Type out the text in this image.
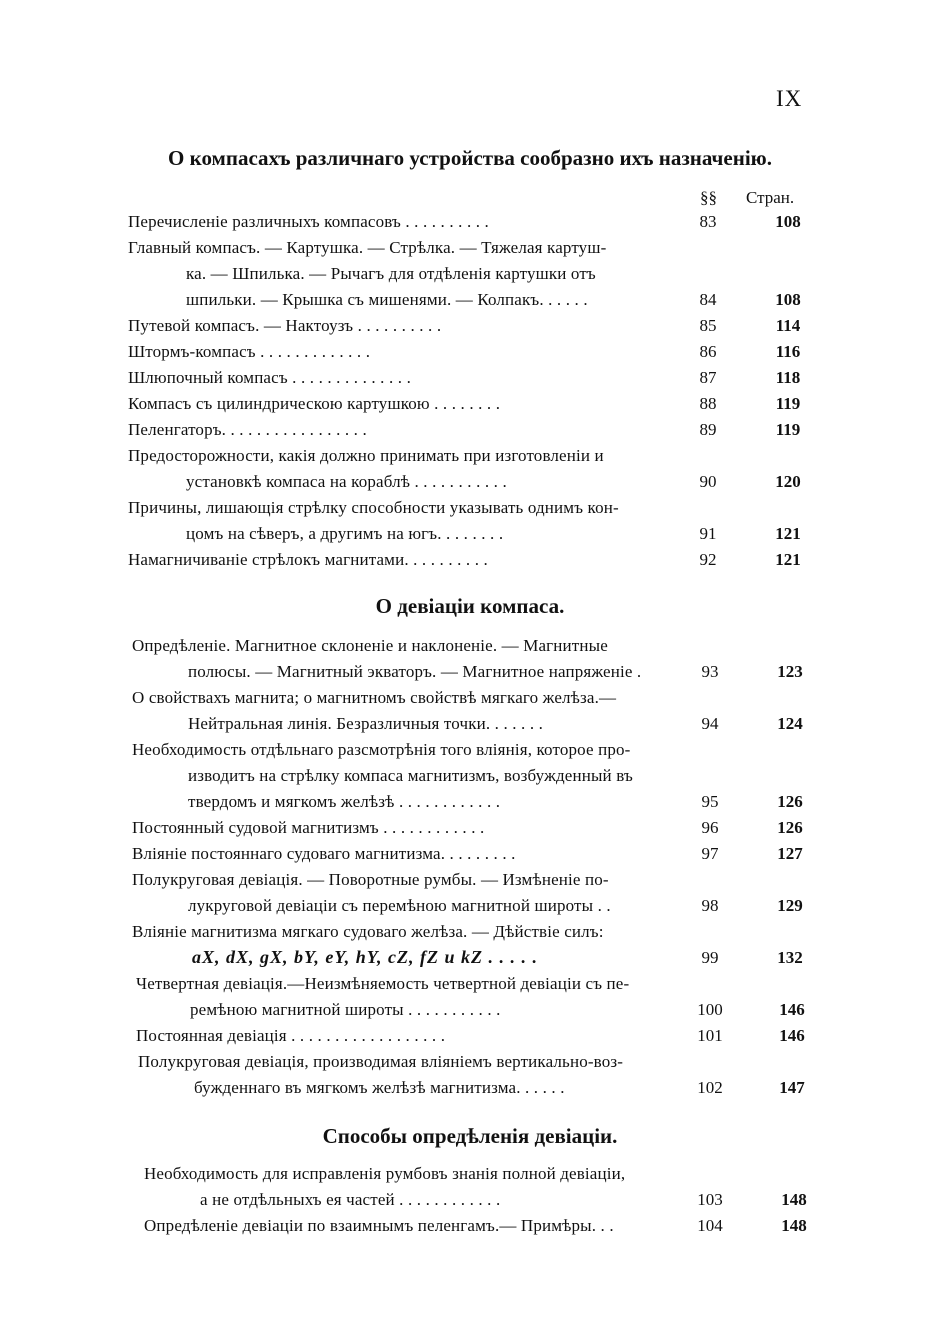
IX
О компасахъ различнаго устройства сообразно ихъ назначенію.
§§ Стран.
Перечисленіе различныхъ компасовъ . . . . . . . . . .	83	108
Главный компасъ. — Картушка. — Стрѣлка. — Тяжелая картуш-
ка. — Шпилька. — Рычагъ для отдѣленія картушки отъ
шпильки. — Крышка съ мишенями. — Колпакъ. . . . . .	84	108
Путевой компасъ. — Нактоузъ . . . . . . . . . .	85	114
Штормъ-компасъ . . . . . . . . . . . . .	86	116
Шлюпочный компасъ . . . . . . . . . . . . . .	87	118
Компасъ съ цилиндрическою картушкою . . . . . . . .	88	119
Пеленгаторъ. . . . . . . . . . . . . . . . .	89	119
Предосторожности, какія должно принимать при изготовленіи и
установкѣ компаса на кораблѣ . . . . . . . . . . .	90	120
Причины, лишающія стрѣлку способности указывать однимъ кон-
цомъ на сѣверъ, а другимъ на югъ. . . . . . . .	91	121
Намагничиваніе стрѣлокъ магнитами. . . . . . . . . .	92	121
О девіаціи компаса.
Опредѣленіе. Магнитное склоненіе и наклоненіе. — Магнитные
полюсы. — Магнитный экваторъ. — Магнитное напряженіе .	93	123
О свойствахъ магнита; о магнитномъ свойствѣ мягкаго желѣза.—
Нейтральная линія. Безразличныя точки. . . . . . .	94	124
Необходимость отдѣльнаго разсмотрѣнія того вліянія, которое про-
изводитъ на стрѣлку компаса магнитизмъ, возбужденный въ
твердомъ и мягкомъ желѣзѣ . . . . . . . . . . . .	95	126
Постоянный судовой магнитизмъ . . . . . . . . . . . .	96	126
Вліяніе постояннаго судоваго магнитизма. . . . . . . . .	97	127
Полукруговая девіація. — Поворотные румбы. — Измѣненіе по-
лукруговой девіаціи съ перемѣною магнитной широты . .	98	129
Вліяніе магнитизма мягкаго судоваго желѣза. — Дѣйствіе силъ:
aX, dX, gX, bY, eY, hY, cZ, fZ и kZ . . . . .	99	132
Четвертная девіація.—Неизмѣняемость четвертной девіаціи съ пе-
ремѣною магнитной широты . . . . . . . . . . .	100	146
Постоянная девіація . . . . . . . . . . . . . . . . . .	101	146
Полукруговая девіація, производимая вліяніемъ вертикально-воз-
бужденнаго въ мягкомъ желѣзѣ магнитизма. . . . . .	102	147
Способы опредѣленія девіаціи.
Необходимость для исправленія румбовъ знанія полной девіаціи,
а не отдѣльныхъ ея частей . . . . . . . . . . . .	103	148
Опредѣленіе девіаціи по взаимнымъ пеленгамъ.— Примѣры. . .	104	148
